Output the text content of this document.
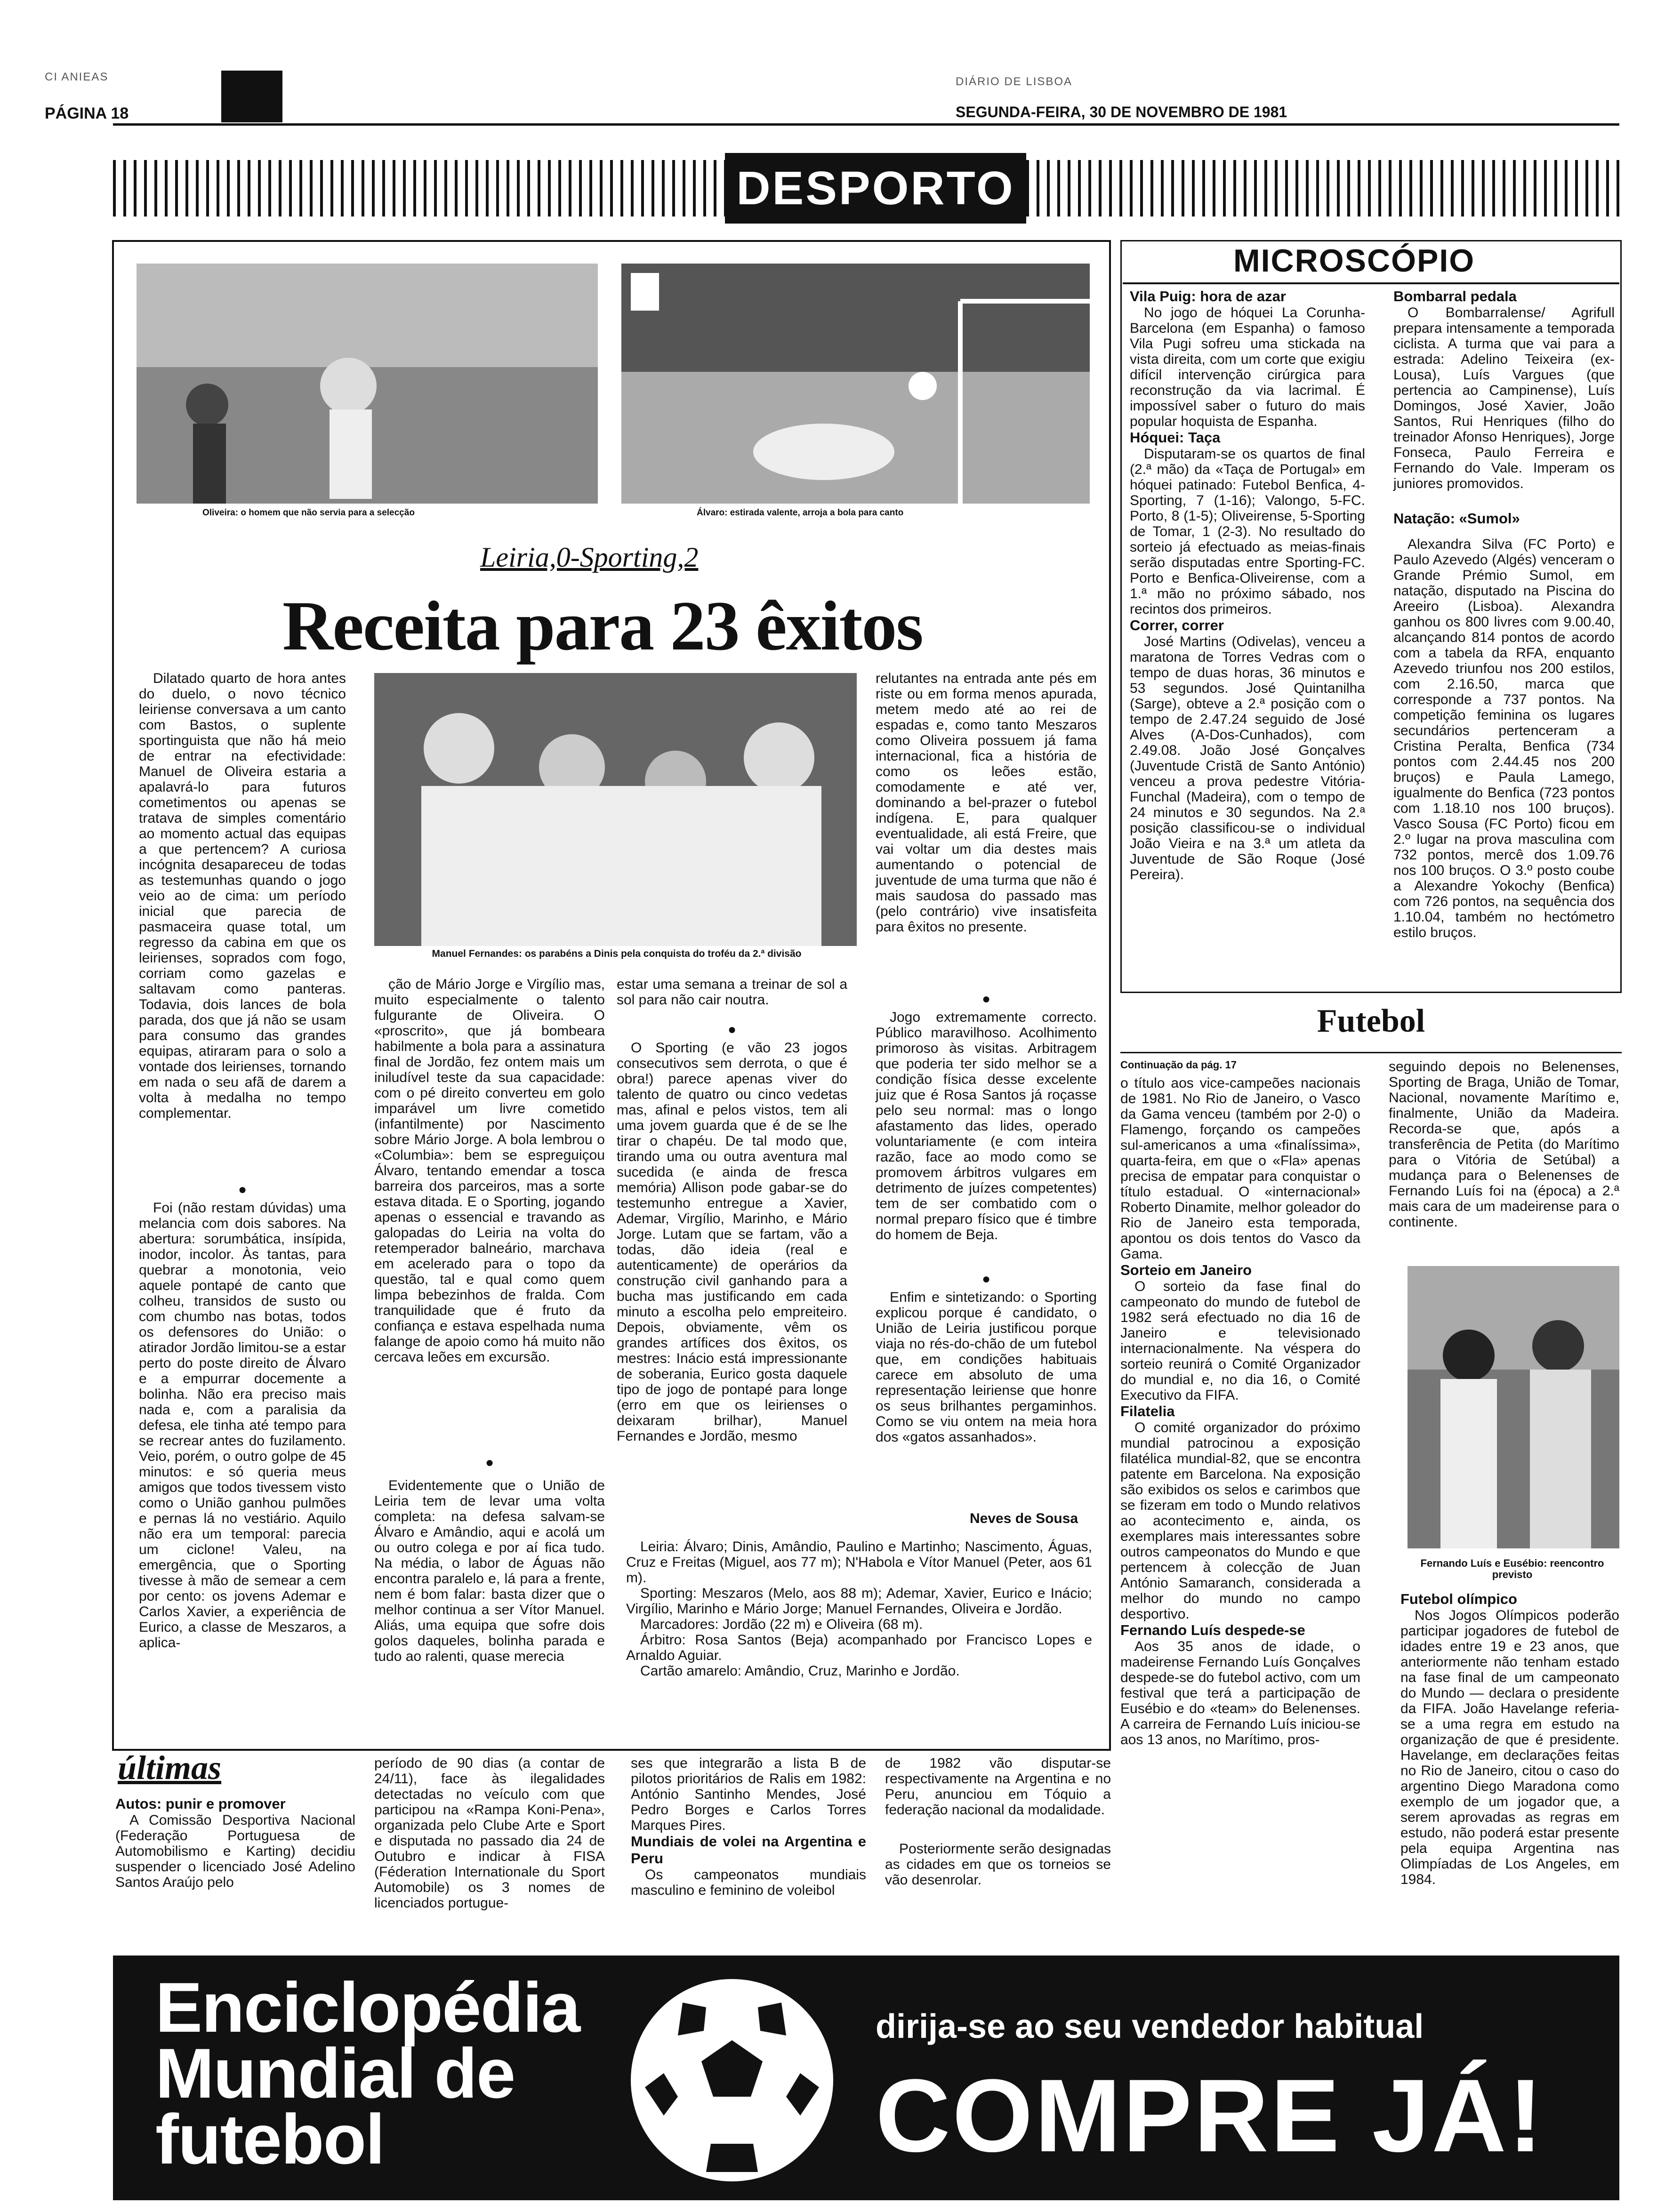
CI ANIEAS
PÁGINA 18
DIÁRIO DE LISBOA
SEGUNDA-FEIRA, 30 DE NOVEMBRO DE 1981
DESPORTO
Oliveira: o homem que não servia para a selecção	Álvaro: estirada valente, arroja a bola para canto
Leiria,0-Sporting,2
Receita para 23 êxitos

Dilatado quarto de hora antes do duelo, o novo técnico leiriense conversava a um canto com Bastos, o suplente sportinguista que não há meio de entrar na efectividade: Manuel de Oliveira estaria a apalavrá-lo para futuros cometimentos ou apenas se tratava de simples comentário ao momento actual das equipas a que pertencem? A curiosa incógnita desapareceu de todas as testemunhas quando o jogo veio ao de cima: um período inicial que parecia de pasmaceira quase total, um regresso da cabina em que os leirienses, soprados com fogo, corriam como gazelas e saltavam como panteras. Todavia, dois lances de bola parada, dos que já não se usam para consumo das grandes equipas, atiraram para o solo a vontade dos leirienses, tornando em nada o seu afã de darem a volta à medalha no tempo complementar.

●

Foi (não restam dúvidas) uma melancia com dois sabores. Na abertura: sorumbática, insípida, inodor, incolor. Às tantas, para quebrar a monotonia, veio aquele pontapé de canto que colheu, transidos de susto ou com chumbo nas botas, todos os defensores do União: o atirador Jordão limitou-se a estar perto do poste direito de Álvaro e a empurrar docemente a bolinha. Não era preciso mais nada e, com a paralisia da defesa, ele tinha até tempo para se recrear antes do fuzilamento. Veio, porém, o outro golpe de 45 minutos: e só queria meus amigos que todos tivessem visto como o União ganhou pulmões e pernas lá no vestiário. Aquilo não era um temporal: parecia um ciclone! Valeu, na emergência, que o Sporting tivesse à mão de semear a cem por cento: os jovens Ademar e Carlos Xavier, a experiência de Eurico, a classe de Meszaros, a aplica-

Manuel Fernandes: os parabéns a Dinis pela conquista do troféu da 2.ª divisão

ção de Mário Jorge e Virgílio mas, muito especialmente o talento fulgurante de Oliveira. O «proscrito», que já bombeara habilmente a bola para a assinatura final de Jordão, fez ontem mais um iniludível teste da sua capacidade: com o pé direito converteu em golo imparável um livre cometido (infantilmente) por Nascimento sobre Mário Jorge. A bola lembrou o «Columbia»: bem se espreguiçou Álvaro, tentando emendar a tosca barreira dos parceiros, mas a sorte estava ditada. E o Sporting, jogando apenas o essencial e travando as galopadas do Leiria na volta do retemperador balneário, marchava em acelerado para o topo da questão, tal e qual como quem limpa bebezinhos de fralda. Com tranquilidade que é fruto da confiança e estava espelhada numa falange de apoio como há muito não cercava leões em excursão.

●

Evidentemente que o União de Leiria tem de levar uma volta completa: na defesa salvam-se Álvaro e Amândio, aqui e acolá um ou outro colega e por aí fica tudo. Na média, o labor de Águas não encontra paralelo e, lá para a frente, nem é bom falar: basta dizer que o melhor continua a ser Vítor Manuel. Aliás, uma equipa que sofre dois golos daqueles, bolinha parada e tudo ao ralenti, quase merecia

estar uma semana a treinar de sol a sol para não cair noutra.

●

O Sporting (e vão 23 jogos consecutivos sem derrota, o que é obra!) parece apenas viver do talento de quatro ou cinco vedetas mas, afinal e pelos vistos, tem ali uma jovem guarda que é de se lhe tirar o chapéu. De tal modo que, tirando uma ou outra aventura mal sucedida (e ainda de fresca memória) Allison pode gabar-se do testemunho entregue a Xavier, Ademar, Virgílio, Marinho, e Mário Jorge. Lutam que se fartam, vão a todas, dão ideia (real e autenticamente) de operários da construção civil ganhando para a bucha mas justificando em cada minuto a escolha pelo empreiteiro. Depois, obviamente, vêm os grandes artífices dos êxitos, os mestres: Inácio está impressionante de soberania, Eurico gosta daquele tipo de jogo de pontapé para longe (erro em que os leirienses o deixaram brilhar), Manuel Fernandes e Jordão, mesmo

relutantes na entrada ante pés em riste ou em forma menos apurada, metem medo até ao rei de espadas e, como tanto Meszaros como Oliveira possuem já fama internacional, fica a história de como os leões estão, comodamente e até ver, dominando a bel-prazer o futebol indígena. E, para qualquer eventualidade, ali está Freire, que vai voltar um dia destes mais aumentando o potencial de juventude de uma turma que não é mais saudosa do passado mas (pelo contrário) vive insatisfeita para êxitos no presente.

●

Jogo extremamente correcto. Público maravilhoso. Acolhimento primoroso às visitas. Arbitragem que poderia ter sido melhor se a condição física desse excelente juiz que é Rosa Santos já roçasse pelo seu normal: mas o longo afastamento das lides, operado voluntariamente (e com inteira razão, face ao modo como se promovem árbitros vulgares em detrimento de juízes competentes) tem de ser combatido com o normal preparo físico que é timbre do homem de Beja.

●

Enfim e sintetizando: o Sporting explicou porque é candidato, o União de Leiria justificou porque viaja no rés-do-chão de um futebol que, em condições habituais carece em absoluto de uma representação leiriense que honre os seus brilhantes pergaminhos. Como se viu ontem na meia hora dos «gatos assanhados».

Neves de Sousa

Leiria: Álvaro; Dinis, Amândio, Paulino e Martinho; Nascimento, Águas, Cruz e Freitas (Miguel, aos 77 m); N'Habola e Vítor Manuel (Peter, aos 61 m).

Sporting: Meszaros (Melo, aos 88 m); Ademar, Xavier, Eurico e Inácio; Virgílio, Marinho e Mário Jorge; Manuel Fernandes, Oliveira e Jordão.

Marcadores: Jordão (22 m) e Oliveira (68 m).

Árbitro: Rosa Santos (Beja) acompanhado por Francisco Lopes e Arnaldo Aguiar.

Cartão amarelo: Amândio, Cruz, Marinho e Jordão.

MICROSCÓPIO
Vila Puig: hora de azar

No jogo de hóquei La Corunha-Barcelona (em Espanha) o famoso Vila Pugi sofreu uma stickada na vista direita, com um corte que exigiu difícil intervenção cirúrgica para reconstrução da via lacrimal. É impossível saber o futuro do mais popular hoquista de Espanha.

Hóquei: Taça

Disputaram-se os quartos de final (2.ª mão) da «Taça de Portugal» em hóquei patinado: Futebol Benfica, 4-Sporting, 7 (1-16); Valongo, 5-FC. Porto, 8 (1-5); Oliveirense, 5-Sporting de Tomar, 1 (2-3). No resultado do sorteio já efectuado as meias-finais serão disputadas entre Sporting-FC. Porto e Benfica-Oliveirense, com a 1.ª mão no próximo sábado, nos recintos dos primeiros.

Correr, correr

José Martins (Odivelas), venceu a maratona de Torres Vedras com o tempo de duas horas, 36 minutos e 53 segundos. José Quintanilha (Sarge), obteve a 2.ª posição com o tempo de 2.47.24 seguido de José Alves (A-Dos-Cunhados), com 2.49.08. João José Gonçalves (Juventude Cristã de Santo António) venceu a prova pedestre Vitória-Funchal (Madeira), com o tempo de 24 minutos e 30 segundos. Na 2.ª posição classificou-se o individual João Vieira e na 3.ª um atleta da Juventude de São Roque (José Pereira).

Bombarral pedala

O Bombarralense/ Agrifull prepara intensamente a temporada ciclista. A turma que vai para a estrada: Adelino Teixeira (ex-Lousa), Luís Vargues (que pertencia ao Campinense), Luís Domingos, José Xavier, João Santos, Rui Henriques (filho do treinador Afonso Henriques), Jorge Fonseca, Paulo Ferreira e Fernando do Vale. Imperam os juniores promovidos.

Natação: «Sumol»

Alexandra Silva (FC Porto) e Paulo Azevedo (Algés) venceram o Grande Prémio Sumol, em natação, disputado na Piscina do Areeiro (Lisboa). Alexandra ganhou os 800 livres com 9.00.40, alcançando 814 pontos de acordo com a tabela da RFA, enquanto Azevedo triunfou nos 200 estilos, com 2.16.50, marca que corresponde a 737 pontos. Na competição feminina os lugares secundários pertenceram a Cristina Peralta, Benfica (734 pontos com 2.44.45 nos 200 bruços) e Paula Lamego, igualmente do Benfica (723 pontos com 1.18.10 nos 100 bruços). Vasco Sousa (FC Porto) ficou em 2.º lugar na prova masculina com 732 pontos, mercê dos 1.09.76 nos 100 bruços. O 3.º posto coube a Alexandre Yokochy (Benfica) com 726 pontos, na sequência dos 1.10.04, também no hectómetro estilo bruços.

Futebol
Continuação da pág. 17

o título aos vice-campeões nacionais de 1981. No Rio de Janeiro, o Vasco da Gama venceu (também por 2-0) o Flamengo, forçando os campeões sul-americanos a uma «finalíssima», quarta-feira, em que o «Fla» apenas precisa de empatar para conquistar o título estadual. O «internacional» Roberto Dinamite, melhor goleador do Rio de Janeiro esta temporada, apontou os dois tentos do Vasco da Gama.

Sorteio em Janeiro

O sorteio da fase final do campeonato do mundo de futebol de 1982 será efectuado no dia 16 de Janeiro e televisionado internacionalmente. Na véspera do sorteio reunirá o Comité Organizador do mundial e, no dia 16, o Comité Executivo da FIFA.

Filatelia

O comité organizador do próximo mundial patrocinou a exposição filatélica mundial-82, que se encontra patente em Barcelona. Na exposição são exibidos os selos e carimbos que se fizeram em todo o Mundo relativos ao acontecimento e, ainda, os exemplares mais interessantes sobre outros campeonatos do Mundo e que pertencem à colecção de Juan António Samaranch, considerada a melhor do mundo no campo desportivo.

Fernando Luís despede-se

Aos 35 anos de idade, o madeirense Fernando Luís Gonçalves despede-se do futebol activo, com um festival que terá a participação de Eusébio e do «team» do Belenenses. A carreira de Fernando Luís iniciou-se aos 13 anos, no Marítimo, pros-

seguindo depois no Belenenses, Sporting de Braga, União de Tomar, Nacional, novamente Marítimo e, finalmente, União da Madeira. Recorda-se que, após a transferência de Petita (do Marítimo para o Vitória de Setúbal) a mudança para o Belenenses de Fernando Luís foi na (época) a 2.ª mais cara de um madeirense para o continente.

Fernando Luís e Eusébio: reencontro previsto
Futebol olímpico

Nos Jogos Olímpicos poderão participar jogadores de futebol de idades entre 19 e 23 anos, que anteriormente não tenham estado na fase final de um campeonato do Mundo — declara o presidente da FIFA. João Havelange referia-se a uma regra em estudo na organização de que é presidente. Havelange, em declarações feitas no Rio de Janeiro, citou o caso do argentino Diego Maradona como exemplo de um jogador que, a serem aprovadas as regras em estudo, não poderá estar presente pela equipa Argentina nas Olimpíadas de Los Angeles, em 1984.

últimas
Autos: punir e promover

A Comissão Desportiva Nacional (Federação Portuguesa de Automobilismo e Karting) decidiu suspender o licenciado José Adelino Santos Araújo pelo

período de 90 dias (a contar de 24/11), face às ilegalidades detectadas no veículo com que participou na «Rampa Koni-Pena», organizada pelo Clube Arte e Sport e disputada no passado dia 24 de Outubro e indicar à FISA (Féderation Internationale du Sport Automobile) os 3 nomes de licenciados portugue-

ses que integrarão a lista B de pilotos prioritários de Ralis em 1982: António Santinho Mendes, José Pedro Borges e Carlos Torres Marques Pires.

Mundiais de volei na Argentina e Peru

Os campeonatos mundiais masculino e feminino de voleibol

de 1982 vão disputar-se respectivamente na Argentina e no Peru, anunciou em Tóquio a federação nacional da modalidade.

Posteriormente serão designadas as cidades em que os torneios se vão desenrolar.

Enciclopédia
Mundial de
futebol
dirija-se ao seu vendedor habitual
COMPRE JÁ!
